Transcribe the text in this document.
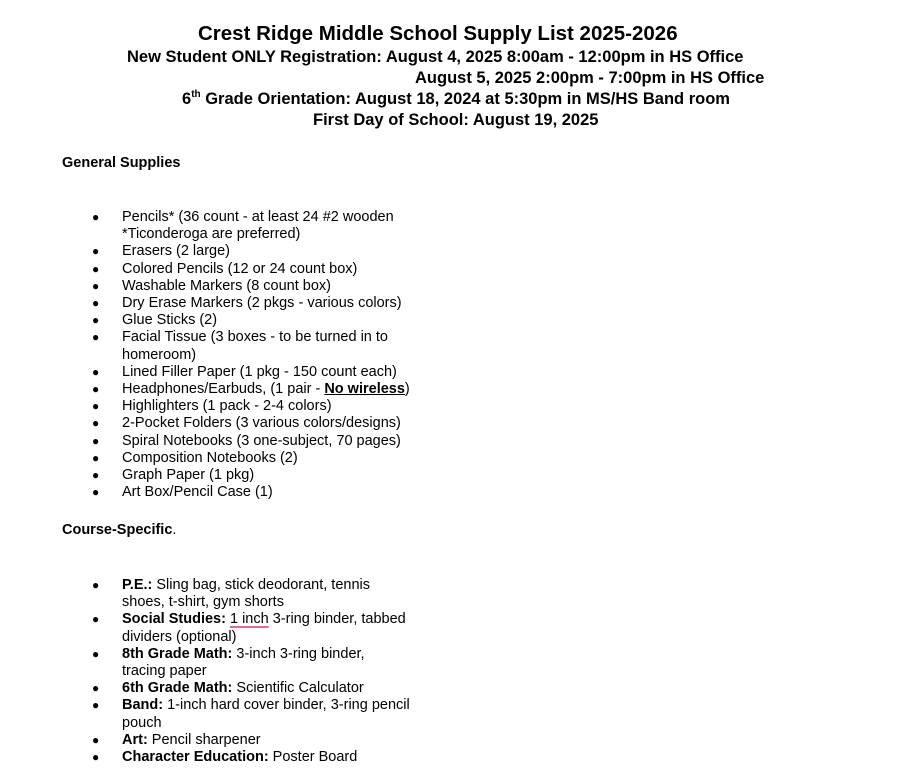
Crest Ridge Middle School Supply List 2025-2026
New Student ONLY Registration: August 4, 2025 8:00am - 12:00pm in HS Office
August 5, 2025 2:00pm - 7:00pm in HS Office
6th Grade Orientation: August 18, 2024 at 5:30pm in MS/HS Band room
First Day of School: August 19, 2025
General Supplies
● Pencils* (36 count - at least 24 #2 wooden *Ticonderoga are preferred)
● Erasers (2 large)
● Colored Pencils (12 or 24 count box)
● Washable Markers (8 count box)
● Dry Erase Markers (2 pkgs - various colors)
● Glue Sticks (2)
● Facial Tissue (3 boxes - to be turned in to homeroom)
● Lined Filler Paper (1 pkg - 150 count each)
● Headphones/Earbuds, (1 pair - No wireless)
● Highlighters (1 pack - 2-4 colors)
● 2-Pocket Folders (3 various colors/designs)
● Spiral Notebooks (3 one-subject, 70 pages)
● Composition Notebooks (2)
● Graph Paper (1 pkg)
● Art Box/Pencil Case (1)
Course-Specific.
● P.E.: Sling bag, stick deodorant, tennis shoes, t-shirt, gym shorts
● Social Studies: 1 inch 3-ring binder, tabbed dividers (optional)
● 8th Grade Math: 3-inch 3-ring binder, tracing paper
● 6th Grade Math: Scientific Calculator
● Band: 1-inch hard cover binder, 3-ring pencil pouch
● Art: Pencil sharpener
● Character Education: Poster Board
